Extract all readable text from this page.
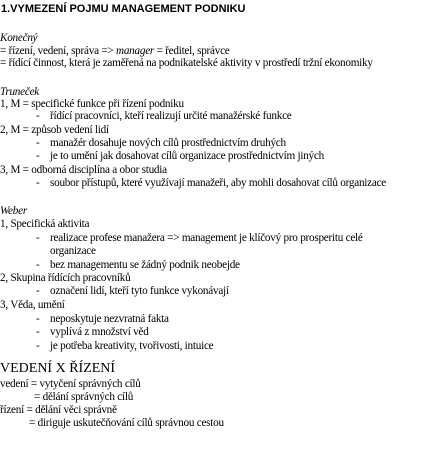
1.VYMEZENÍ POJMU MANAGEMENT PODNIKU
Konečný
= řízení, vedení, správa => manager = ředitel, správce
= řídící činnost, která je zaměřená na podnikatelské aktivity v prostředí tržní ekonomiky
Truneček
1, M = specifické funkce při řízení podniku
- řídící pracovníci, kteří realizují určité manažérské funkce
2, M = způsob vedení lidí
- manažér dosahuje nových cílů prostřednictvím druhých
- je to umění jak dosahovat cílů organizace prostřednictvím jiných
3, M = odborná disciplína a obor studia
- soubor přístupů, které využívají manažeři, aby mohli dosahovat cílů organizace
Weber
1, Specifická aktivita
- realizace profese manažera => management je klíčový pro prosperitu celé
organizace
- bez managementu se žádný podnik neobejde
2, Skupina řídících pracovníků
- označení lidí, kteří tyto funkce vykonávají
3, Věda, umění
- neposkytuje nezvratná fakta
- vyplívá z množství věd
- je potřeba kreativity, tvořivosti, intuice
VEDENÍ X ŘÍZENÍ
vedení = vytyčení správných cílů
= dělání správných cílů
řízení = dělání věci správně
= diriguje uskutečňování cílů správnou cestou
